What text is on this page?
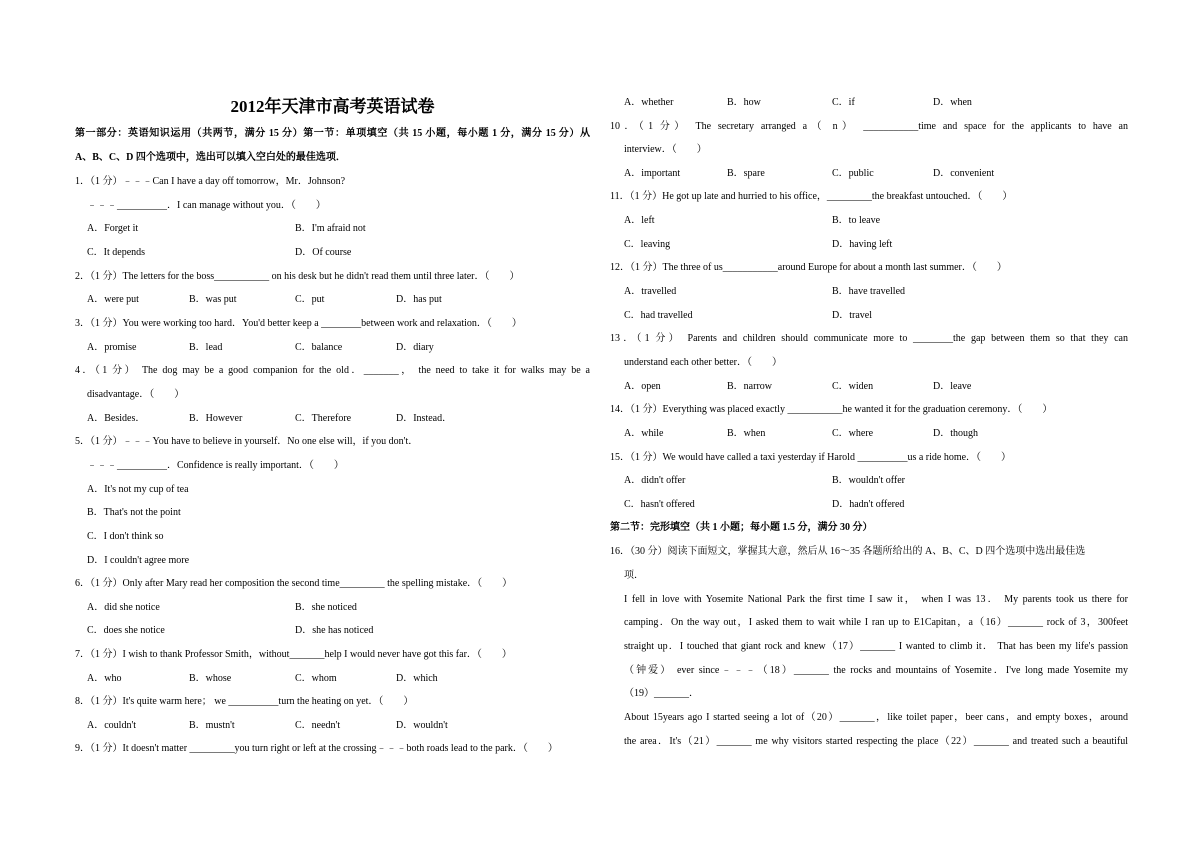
2012年天津市高考英语试卷
第一部分：英语知识运用（共两节，满分 15 分）第一节：单项填空（共 15 小题，每小题 1 分，满分 15 分）从
A、B、C、D 四个选项中，选出可以填入空白处的最佳选项．
1．（1 分）﹣﹣﹣Can I have a day off tomorrow，Mr．Johnson?
﹣﹣﹣__________．I can manage without you．（　　）
A．Forget it	B．I'm afraid not
C．It depends	D．Of course
2．（1 分）The letters for the boss___________ on his desk but he didn't read them until three later．（　　）
A．were put	B．was put	C．put	D．has put
3．（1 分）You were working too hard．You'd better keep a ________between work and relaxation．（　　）
A．promise	B．lead	C．balance	D．diary
4．（1 分） The dog may be a good companion for the old．_______， the need to take it for walks may be a
disadvantage．（　　）
A．Besides．	B．However	C．Therefore	D．Instead．
5．（1 分）﹣﹣﹣You have to believe in yourself．No one else will，if you don't．
﹣﹣﹣__________．Confidence is really important．（　　）
A．It's not my cup of tea
B．That's not the point
C．I don't think so
D．I couldn't agree more
6．（1 分）Only after Mary read her composition the second time_________ the spelling mistake．（　　）
A．did she notice	B．she noticed
C．does she notice	D．she has noticed
7．（1 分）I wish to thank Professor Smith，without_______help I would never have got this far．（　　）
A．who	B．whose	C．whom	D．which
8．（1 分）It's quite warm here； we __________turn the heating on yet．（　　）
A．couldn't	B．mustn't	C．needn't	D．wouldn't
9．（1 分）It doesn't matter _________you turn right or left at the crossing﹣﹣﹣both roads lead to the park．（　　）
A．whether	B．how	C．if	D．when
10．（1 分） The secretary arranged a（ n） ___________time and space for the applicants to have an
interview．（　　）
A．important	B．spare	C．public	D．convenient
11．（1 分）He got up late and hurried to his office，_________the breakfast untouched．（　　）
A．left	B．to leave
C．leaving	D．having left
12．（1 分）The three of us___________around Europe for about a month last summer．（　　）
A．travelled	B．have travelled
C．had travelled	D．travel
13．（1 分） Parents and children should communicate more to ________the gap between them so that they can
understand each other better．（　　）
A．open	B．narrow	C．widen	D．leave
14．（1 分）Everything was placed exactly ___________he wanted it for the graduation ceremony．（　　）
A．while	B．when	C．where	D．though
15．（1 分）We would have called a taxi yesterday if Harold __________us a ride home．（　　）
A．didn't offer	B．wouldn't offer
C．hasn't offered	D．hadn't offered
第二节：完形填空（共 1 小题；每小题 1.5 分，满分 30 分）
16．（30 分）阅读下面短文，掌握其大意，然后从 16～35 各题所给出的 A、B、C、D 四个选项中选出最佳选
项．
I fell in love with Yosemite National Park the first time I saw it， when I was 13． My parents took us there for
camping．On the way out，I asked them to wait while I ran up to E1Capitan，a（16）_______ rock of 3，300feet
straight up．I touched that giant rock and knew（17）_______ I wanted to climb it． That has been my life's passion
（钟爱） ever since﹣﹣﹣（18）_______ the rocks and mountains of Yosemite．I've long made Yosemite my
（19）_______．
About 15years ago I started seeing a lot of（20）_______，like toilet paper，beer cans，and empty boxes，around
the area．It's（21）_______ me why visitors started respecting the place（22）_______ and treated such a beautiful
